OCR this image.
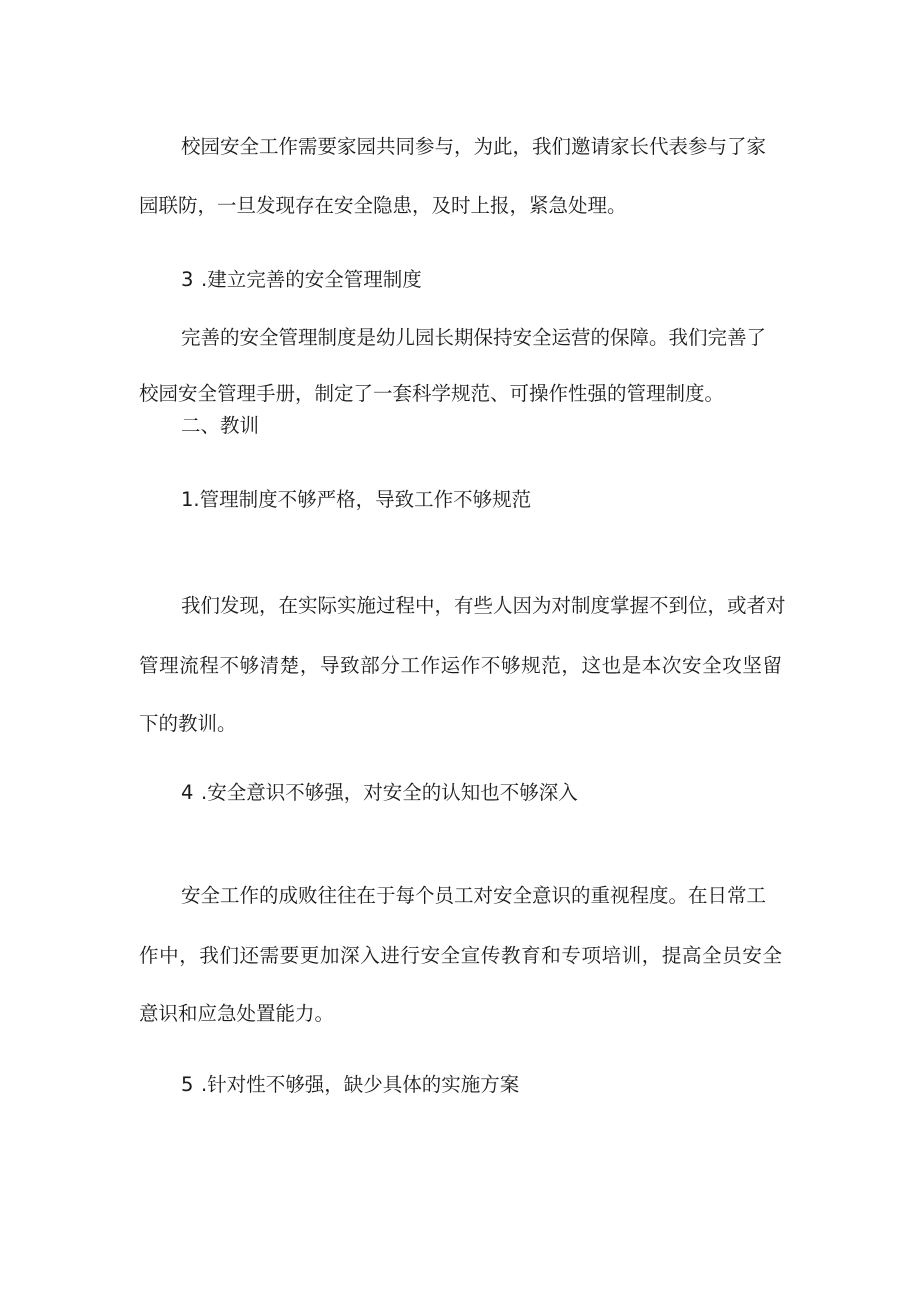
校园安全工作需要家园共同参与，为此，我们邀请家长代表参与了家

园联防，一旦发现存在安全隐患，及时上报，紧急处理。

3 .建立完善的安全管理制度

完善的安全管理制度是幼儿园长期保持安全运营的保障。我们完善了

校园安全管理手册，制定了一套科学规范、可操作性强的管理制度。

二、教训

1.管理制度不够严格，导致工作不够规范

我们发现，在实际实施过程中，有些人因为对制度掌握不到位，或者对

管理流程不够清楚，导致部分工作运作不够规范，这也是本次安全攻坚留

下的教训。

4 .安全意识不够强，对安全的认知也不够深入

安全工作的成败往往在于每个员工对安全意识的重视程度。在日常工

作中，我们还需要更加深入进行安全宣传教育和专项培训，提高全员安全

意识和应急处置能力。

5 .针对性不够强，缺少具体的实施方案
